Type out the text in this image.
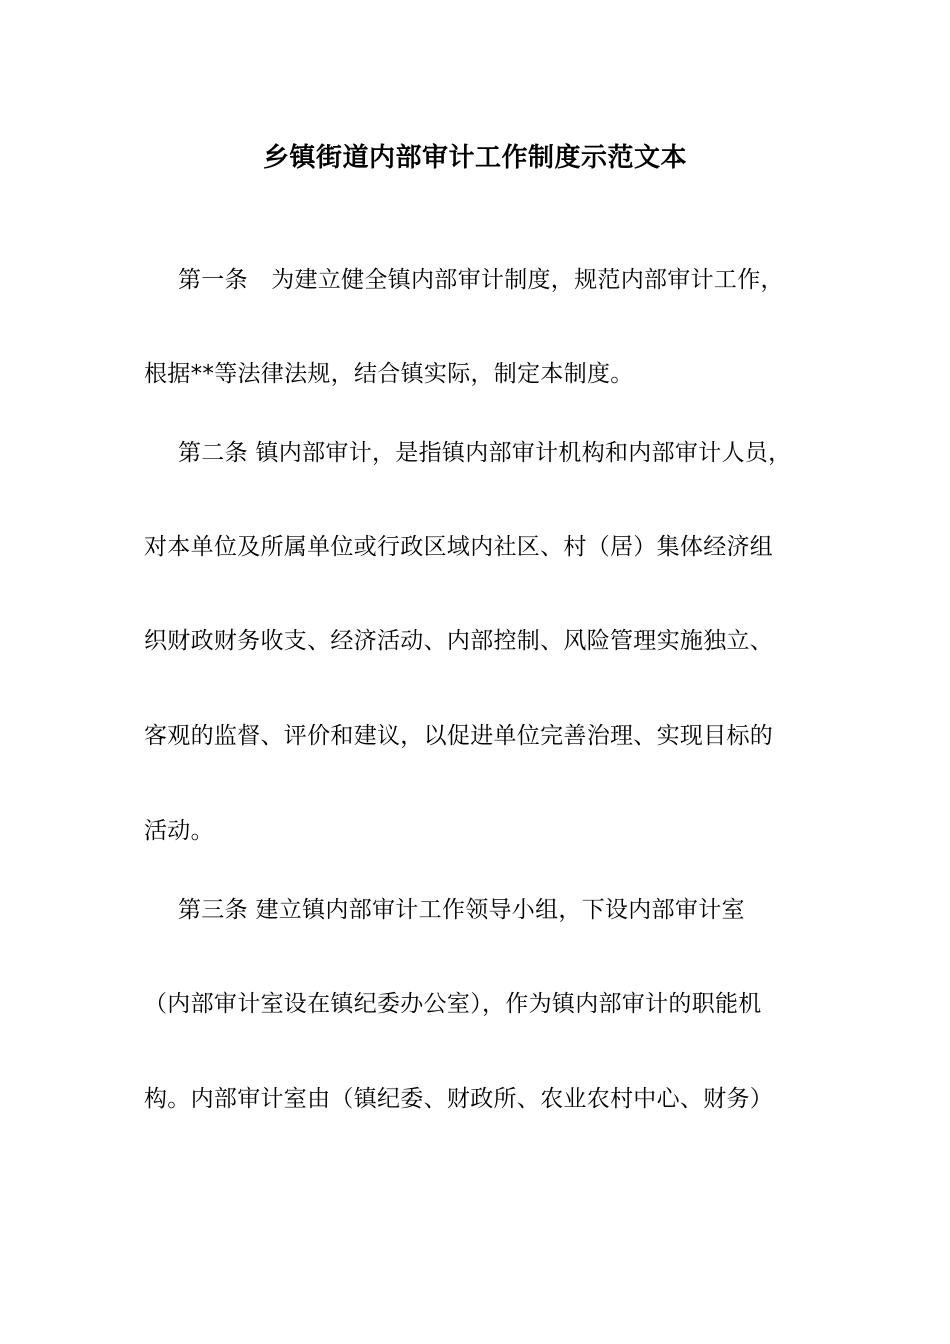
乡镇街道内部审计工作制度示范文本
第一条　为建立健全镇内部审计制度，规范内部审计工作，
根据**等法律法规，结合镇实际，制定本制度。
第二条 镇内部审计，是指镇内部审计机构和内部审计人员，
对本单位及所属单位或行政区域内社区、村（居）集体经济组
织财政财务收支、经济活动、内部控制、风险管理实施独立、
客观的监督、评价和建议，以促进单位完善治理、实现目标的
活动。
第三条 建立镇内部审计工作领导小组，下设内部审计室
（内部审计室设在镇纪委办公室），作为镇内部审计的职能机
构。内部审计室由（镇纪委、财政所、农业农村中心、财务）
